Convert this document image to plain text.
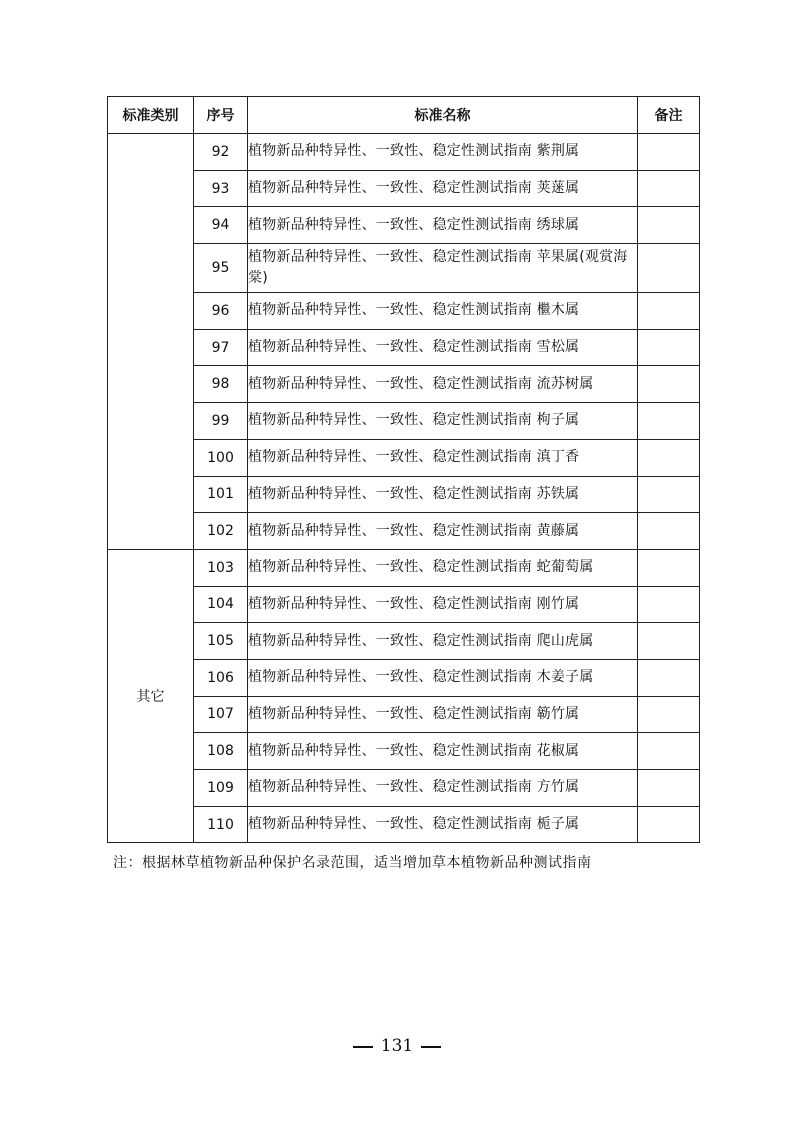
标准类别	序号	标准名称	备注
	92	植物新品种特异性、一致性、稳定性测试指南 紫荆属	
	93	植物新品种特异性、一致性、稳定性测试指南 荚蒾属	
	94	植物新品种特异性、一致性、稳定性测试指南 绣球属	
	95	植物新品种特异性、一致性、稳定性测试指南 苹果属(观赏海棠)	
	96	植物新品种特异性、一致性、稳定性测试指南 檵木属	
	97	植物新品种特异性、一致性、稳定性测试指南 雪松属	
	98	植物新品种特异性、一致性、稳定性测试指南 流苏树属	
	99	植物新品种特异性、一致性、稳定性测试指南 枸子属	
	100	植物新品种特异性、一致性、稳定性测试指南 滇丁香	
	101	植物新品种特异性、一致性、稳定性测试指南 苏铁属	
	102	植物新品种特异性、一致性、稳定性测试指南 黄藤属	
其它	103	植物新品种特异性、一致性、稳定性测试指南 蛇葡萄属	
	104	植物新品种特异性、一致性、稳定性测试指南 刚竹属	
	105	植物新品种特异性、一致性、稳定性测试指南 爬山虎属	
	106	植物新品种特异性、一致性、稳定性测试指南 木姜子属	
	107	植物新品种特异性、一致性、稳定性测试指南 簕竹属	
	108	植物新品种特异性、一致性、稳定性测试指南 花椒属	
	109	植物新品种特异性、一致性、稳定性测试指南 方竹属	
	110	植物新品种特异性、一致性、稳定性测试指南 栀子属	
注：根据林草植物新品种保护名录范围，适当增加草本植物新品种测试指南
131
